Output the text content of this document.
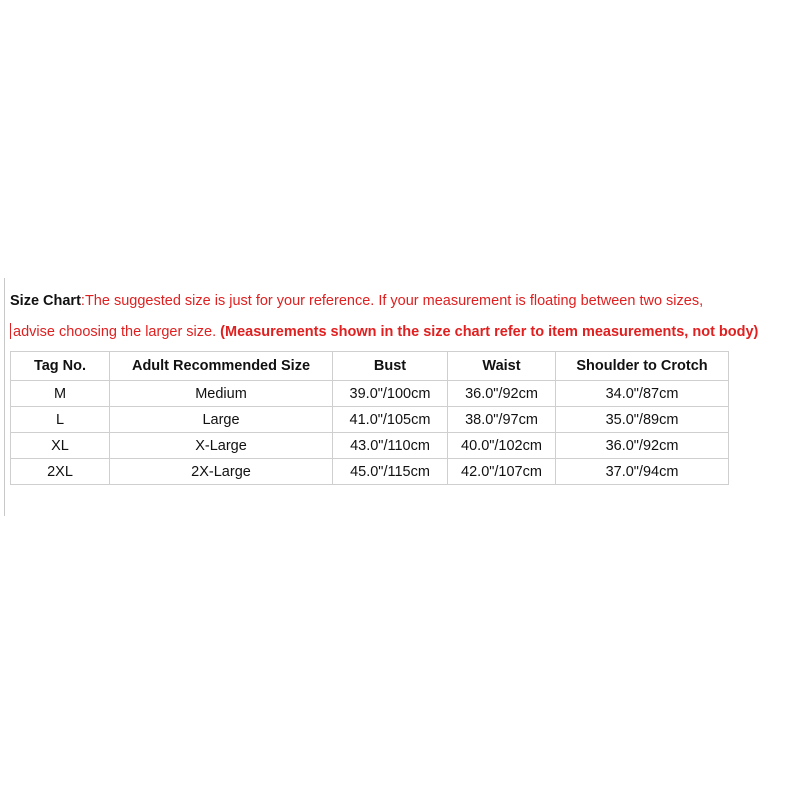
Size Chart:The suggested size is just for your reference. If your measurement is floating between two sizes,
advise choosing the larger size. (Measurements shown in the size chart refer to item measurements, not body)
Tag No.	Adult Recommended Size	Bust	Waist	Shoulder to Crotch
M	Medium	39.0"/100cm	36.0"/92cm	34.0"/87cm
L	Large	41.0"/105cm	38.0"/97cm	35.0"/89cm
XL	X-Large	43.0"/110cm	40.0"/102cm	36.0"/92cm
2XL	2X-Large	45.0"/115cm	42.0"/107cm	37.0"/94cm
